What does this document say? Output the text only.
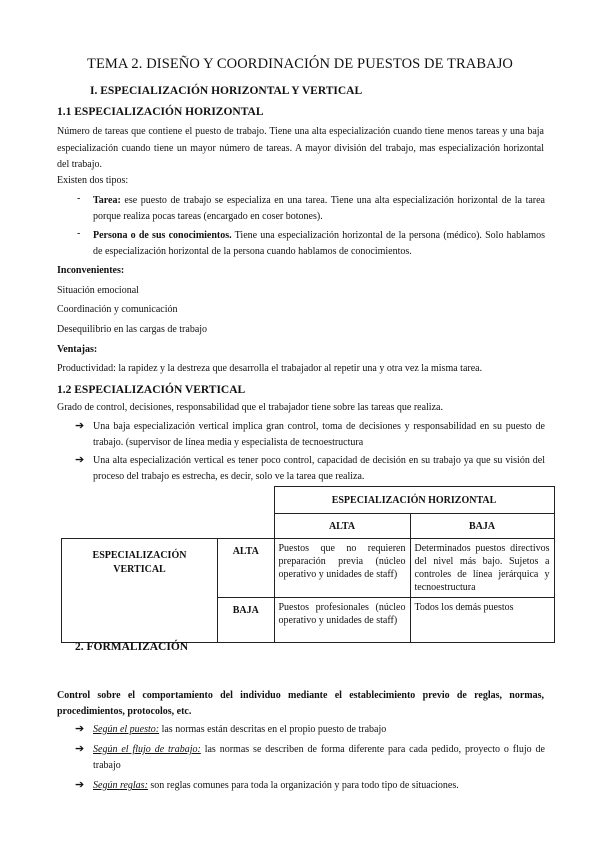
TEMA 2. DISEÑO Y COORDINACIÓN DE PUESTOS DE TRABAJO
I. ESPECIALIZACIÓN HORIZONTAL Y VERTICAL
1.1 ESPECIALIZACIÓN HORIZONTAL
Número de tareas que contiene el puesto de trabajo. Tiene una alta especialización cuando tiene menos tareas y una baja especialización cuando tiene un mayor número de tareas. A mayor división del trabajo, mas especialización horizontal del trabajo.
Existen dos tipos:
- Tarea: ese puesto de trabajo se especializa en una tarea. Tiene una alta especialización horizontal de la tarea porque realiza pocas tareas (encargado en coser botones).
- Persona o de sus conocimientos. Tiene una especialización horizontal de la persona (médico). Solo hablamos de especialización horizontal de la persona cuando hablamos de conocimientos.
Inconvenientes:
Situación emocional
Coordinación y comunicación
Desequilibrio en las cargas de trabajo
Ventajas:
Productividad: la rapidez y la destreza que desarrolla el trabajador al repetir una y otra vez la misma tarea.
1.2 ESPECIALIZACIÓN VERTICAL
Grado de control, decisiones, responsabilidad que el trabajador tiene sobre las tareas que realiza.
➔ Una baja especialización vertical implica gran control, toma de decisiones y responsabilidad en su puesto de trabajo. (supervisor de línea media y especialista de tecnoestructura
➔ Una alta especialización vertical es tener poco control, capacidad de decisión en su trabajo ya que su visión del proceso del trabajo es estrecha, es decir, solo ve la tarea que realiza.
		ESPECIALIZACIÓN HORIZONTAL	
		ALTA	BAJA
ESPECIALIZACIÓN VERTICAL	ALTA	Puestos que no requieren preparación previa (núcleo operativo y unidades de staff)	Determinados puestos directivos del nivel más bajo. Sujetos a controles de línea jerárquica y tecnoestructura
	BAJA	Puestos profesionales (núcleo operativo y unidades de staff)	Todos los demás puestos
2. FORMALIZACIÓN
Control sobre el comportamiento del individuo mediante el establecimiento previo de reglas, normas, procedimientos, protocolos, etc.
➔ Según el puesto: las normas están descritas en el propio puesto de trabajo
➔ Según el flujo de trabajo: las normas se describen de forma diferente para cada pedido, proyecto o flujo de trabajo
➔ Según reglas: son reglas comunes para toda la organización y para todo tipo de situaciones.
